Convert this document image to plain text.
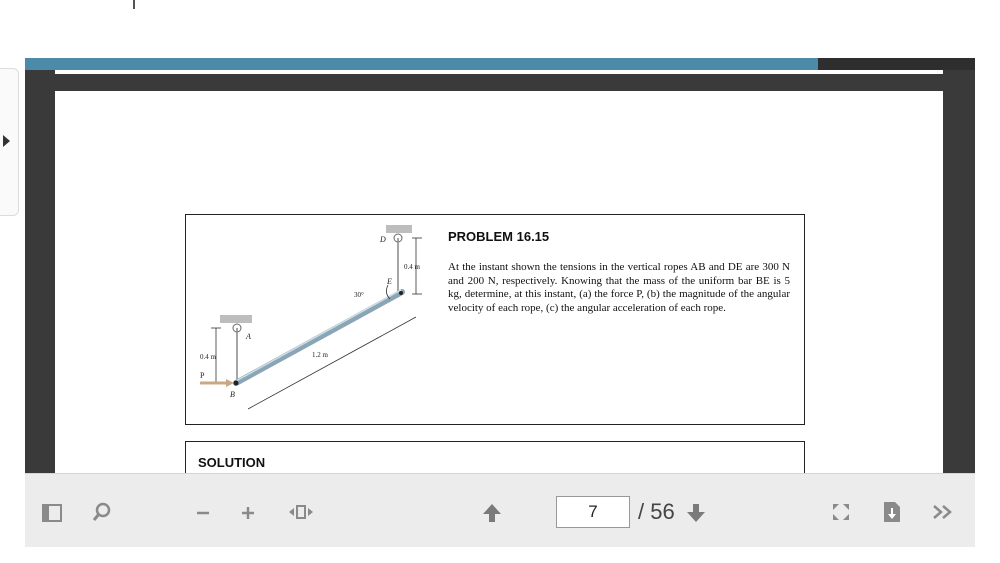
D
E
A
B
P
0.4 m
0.4 m	1.2 m
30°
PROBLEM 16.15
At the instant shown the tensions in the vertical ropes AB and DE are 300 N and 200 N, respectively. Knowing that the mass of the uniform bar BE is 5 kg, determine, at this instant, (a) the force P, (b) the magnitude of the angular velocity of each rope, (c) the angular acceleration of each rope.
SOLUTION
7
/ 56
